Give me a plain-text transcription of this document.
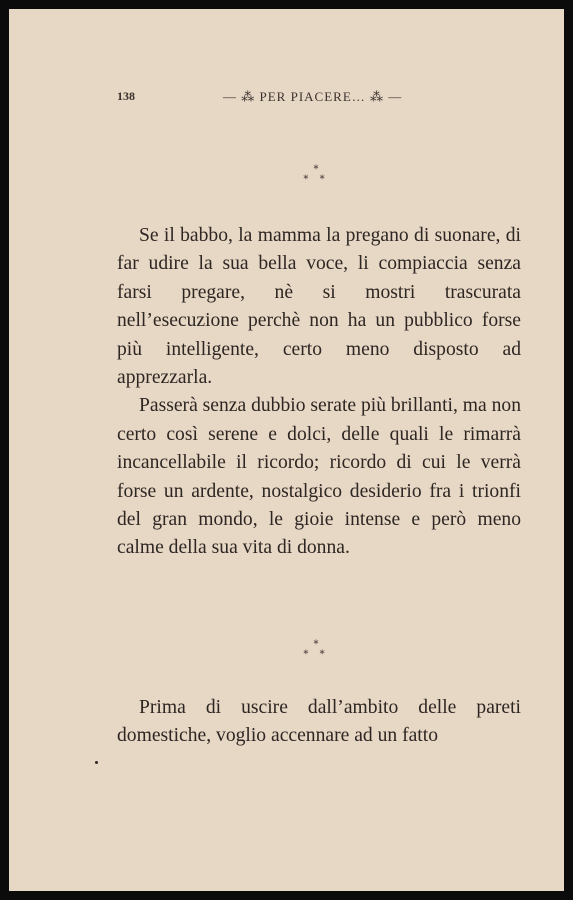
138	— ⁂ PER PIACERE… ⁂ —
*
* *

Se il babbo, la mamma la pregano di suonare, di far udire la sua bella voce, li compiaccia senza farsi pregare, nè si mostri trascurata nell’esecuzione perchè non ha un pubblico forse più intelligente, certo meno disposto ad apprezzarla.

Passerà senza dubbio serate più brillanti, ma non certo così serene e dolci, delle quali le rimarrà incancellabile il ricordo; ricordo di cui le verrà forse un ardente, nostalgico desiderio fra i trionfi del gran mondo, le gioie intense e però meno calme della sua vita di donna.

*
* *

Prima di uscire dall’ambito delle pareti domestiche, voglio accennare ad un fatto
